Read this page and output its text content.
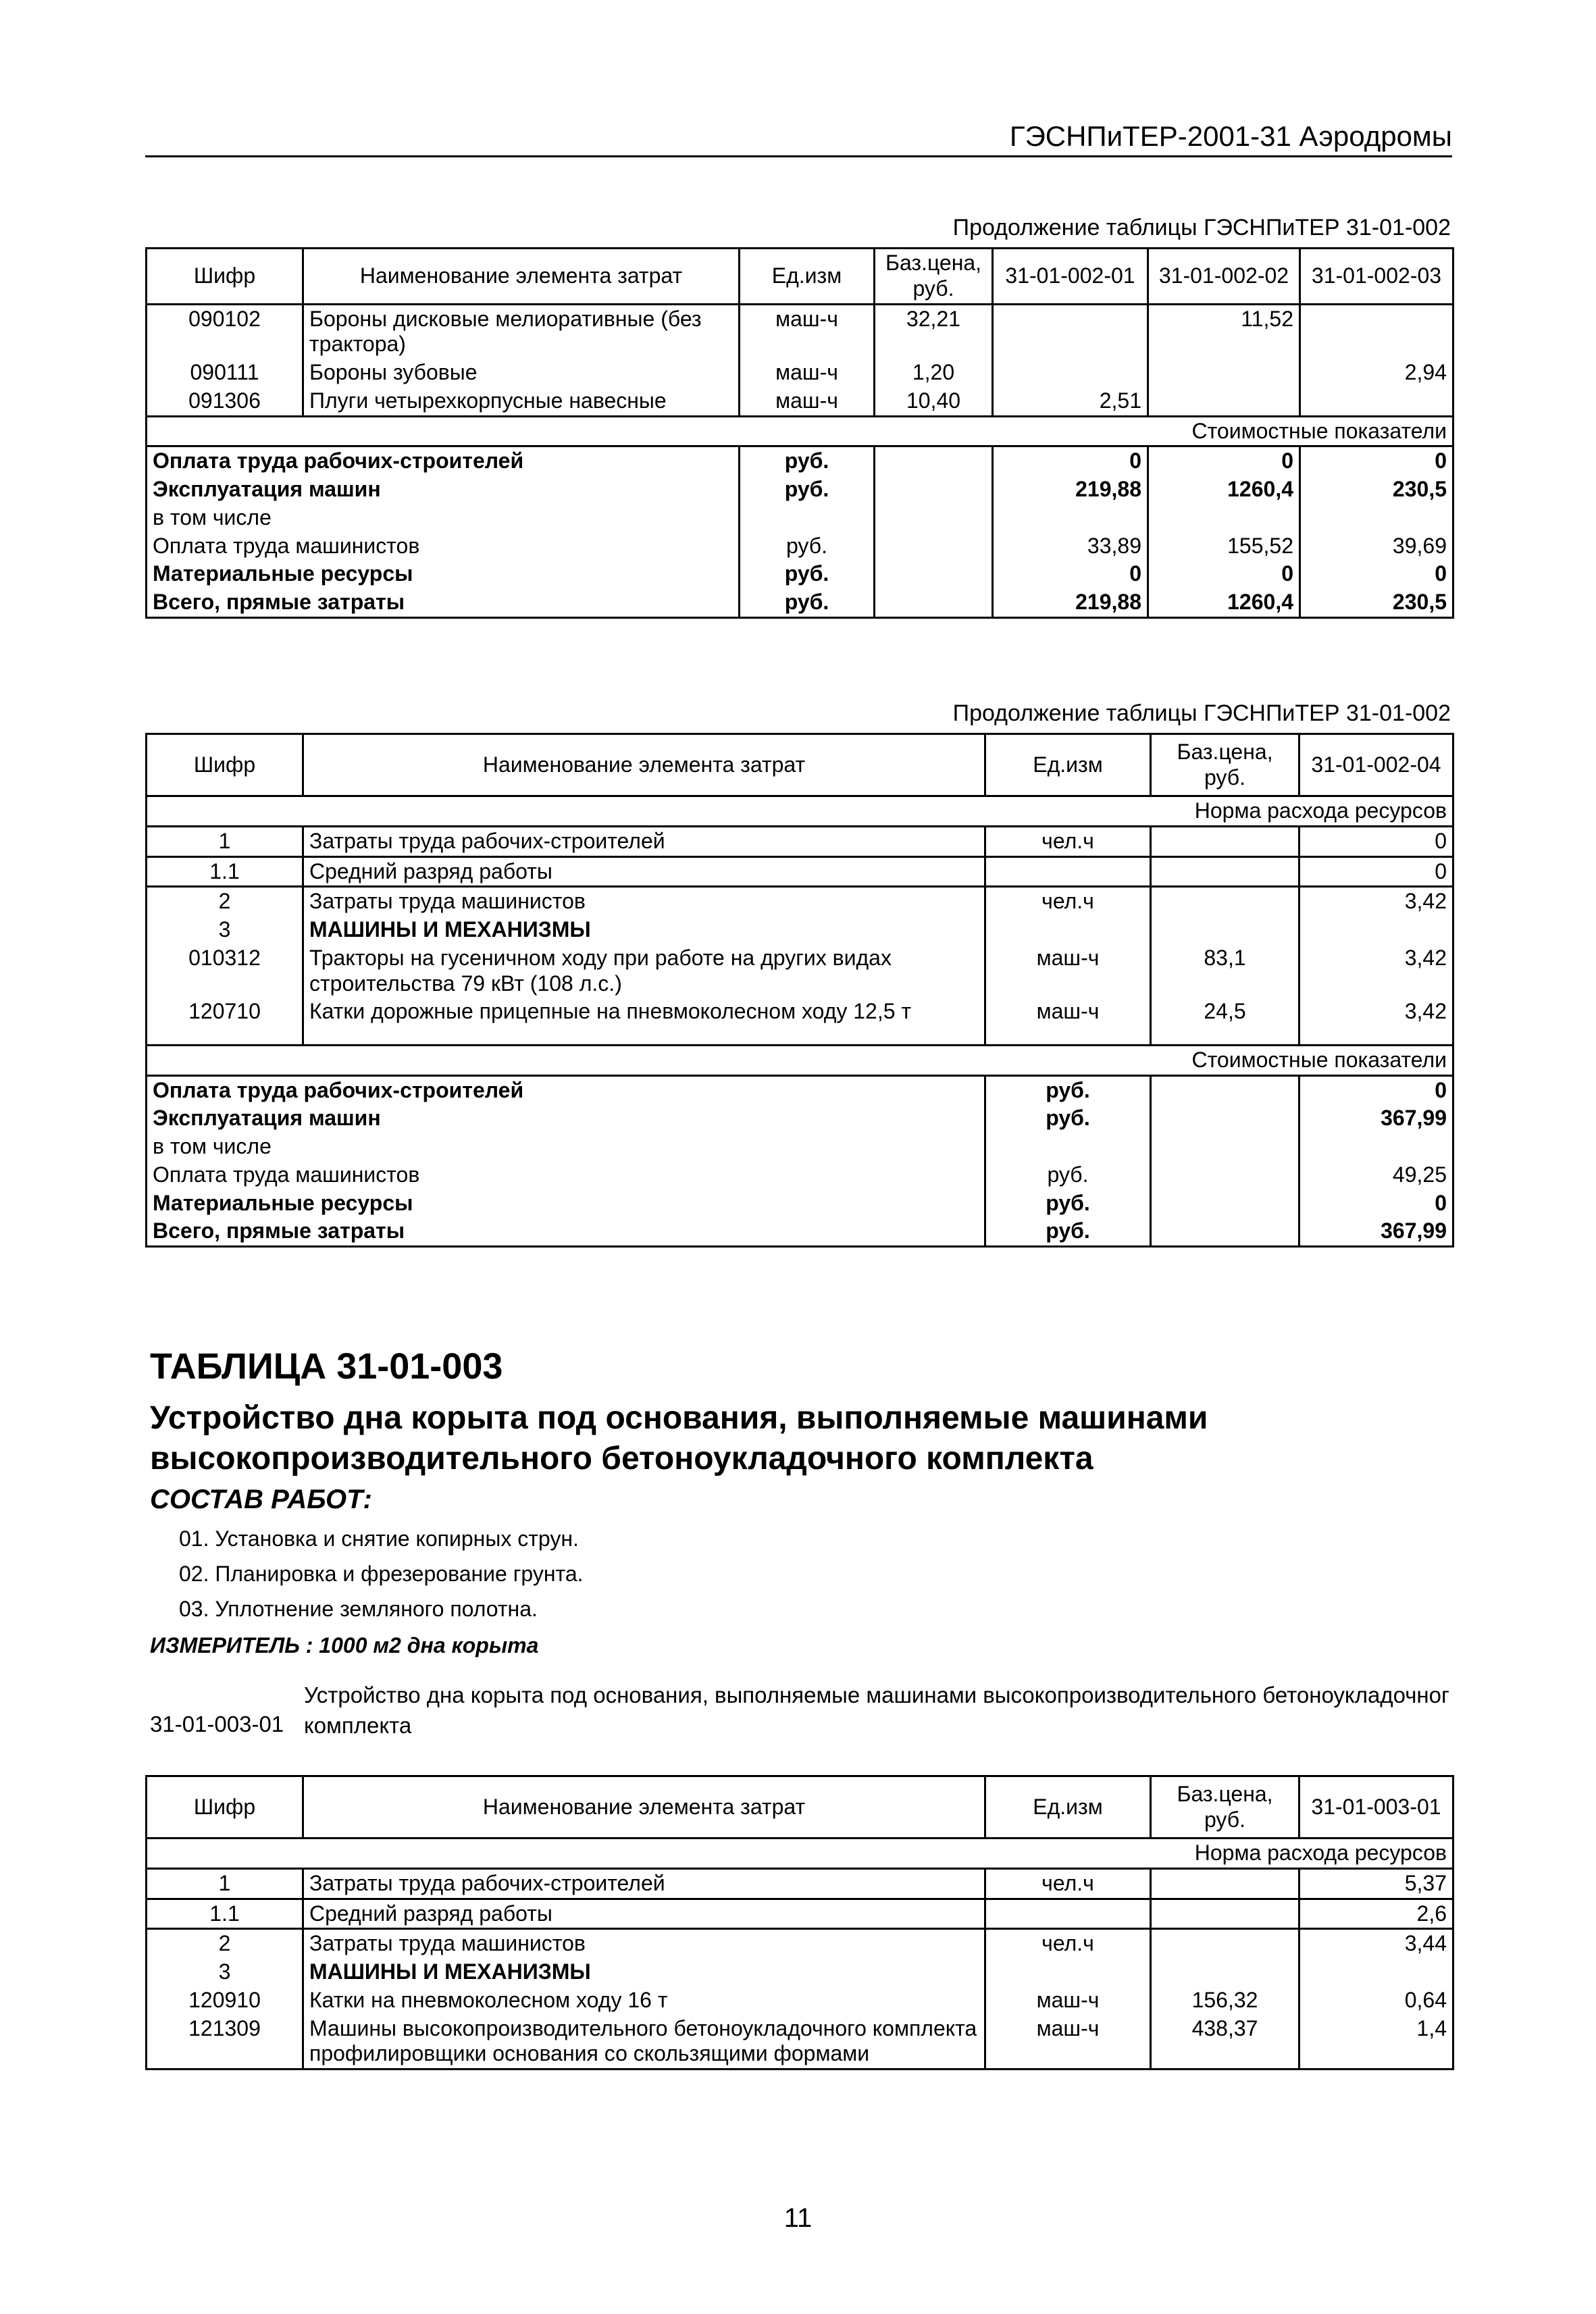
ГЭСНПиТЕР-2001-31 Аэродромы
Продолжение таблицы ГЭСНПиТЕР 31-01-002
Шифр	Наименование элемента затрат	Ед.изм	Баз.цена, руб.	31-01-002-01	31-01-002-02	31-01-002-03
090102	Бороны дисковые мелиоративные (без тракторa)	маш-ч	32,21		11,52	
090111	Бороны зубовые	маш-ч	1,20			2,94
091306	Плуги четырехкорпусные навесные	маш-ч	10,40	2,51		
Стоимостные показатели						
Оплата труда рабочих-строителей		руб.		0	0	0
Эксплуатация машин		руб.		219,88	1260,4	230,5
в том числе						
Оплата труда машинистов		руб.		33,89	155,52	39,69
Материальные ресурсы		руб.		0	0	0
Всего, прямые затраты		руб.		219,88	1260,4	230,5
Продолжение таблицы ГЭСНПиТЕР 31-01-002
Шифр	Наименование элемента затрат	Ед.изм	Баз.цена, руб.	31-01-002-04
Норма расхода ресурсов				
1	Затраты труда рабочих-строителей	чел.ч		0
1.1	Средний разряд работы			0
2	Затраты труда машинистов	чел.ч		3,42
3	МАШИНЫ И МЕХАНИЗМЫ			
010312	Тракторы на гусеничном ходу при работе на других видах строительства 79 кВт (108 л.с.)	маш-ч	83,1	3,42
120710	Катки дорожные прицепные на пневмоколесном ходу 12,5 т	маш-ч	24,5	3,42
Стоимостные показатели				
Оплата труда рабочих-строителей		руб.		0
Эксплуатация машин		руб.		367,99
в том числе				
Оплата труда машинистов		руб.		49,25
Материальные ресурсы		руб.		0
Всего, прямые затраты		руб.		367,99
ТАБЛИЦА 31-01-003
Устройство дна корыта под основания, выполняемые машинами высокопроизводительного бетоноукладочного комплекта
СОСТАВ РАБОТ:
01. Установка и снятие копирных струн.
02. Планировка и фрезерование грунта.
03. Уплотнение земляного полотна.
ИЗМЕРИТЕЛЬ : 1000 м2 дна корыта
31-01-003-01
Устройство дна корыта под основания, выполняемые машинами высокопроизводительного бетоноукладочног
комплекта
Шифр	Наименование элемента затрат	Ед.изм	Баз.цена, руб.	31-01-003-01
Норма расхода ресурсов				
1	Затраты труда рабочих-строителей	чел.ч		5,37
1.1	Средний разряд работы			2,6
2	Затраты труда машинистов	чел.ч		3,44
3	МАШИНЫ И МЕХАНИЗМЫ			
120910	Катки на пневмоколесном ходу 16 т	маш-ч	156,32	0,64
121309	Машины высокопроизводительного бетоноукладочного комплекта профилировщики основания со скользящими формами	маш-ч	438,37	1,4
11
